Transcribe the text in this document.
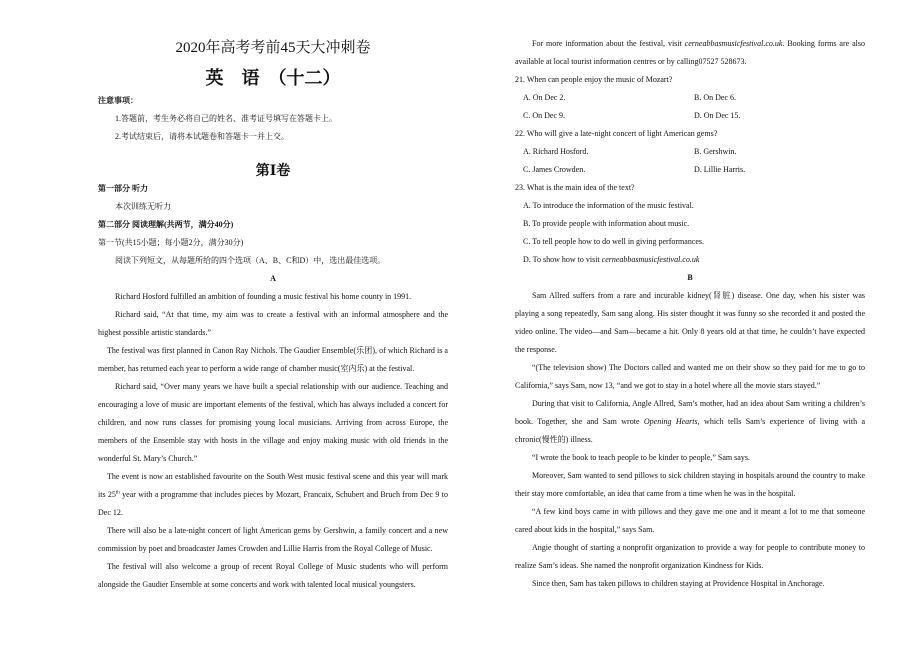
2020年高考考前45天大冲刺卷
英　语　（十二）

注意事项：

1.答题前，考生务必将自己的姓名、准考证号填写在答题卡上。

2.考试结束后，请将本试题卷和答题卡一并上交。

第Ⅰ卷

第一部分 听力

本次训练无听力

第二部分 阅读理解(共两节，满分40分)

第一节(共15小题；每小题2分，满分30分)

阅读下列短文，从每题所给的四个选项（A、B、C和D）中，选出最佳选项。

A

Richard Hosford fulfilled an ambition of founding a music festival his home county in 1991.

Richard said, “At that time, my aim was to create a festival with an informal atmosphere and the highest possible artistic standards.”

The festival was first planned in Canon Ray Nichols. The Gaudier Ensemble(乐团), of which Richard is a member, has returned each year to perform a wide range of chamber music(室内乐) at the festival.

Richard said, “Over many years we have built a special relationship with our audience. Teaching and encouraging a love of music are important elements of the festival, which has always included a concert for children, and now runs classes for promising young local musicians. Arriving from across Europe, the members of the Ensemble stay with hosts in the village and enjoy making music with old friends in the wonderful St. Mary’s Church.”

The event is now an established favourite on the South West music festival scene and this year will mark its 25th year with a programme that includes pieces by Mozart, Francaix, Schubert and Bruch from Dec 9 to Dec 12.

There will also be a late-night concert of light American gems by Gershwin, a family concert and a new commission by poet and broadcaster James Crowden and Lillie Harris from the Royal College of Music.

The festival will also welcome a group of recent Royal College of Music students who will perform alongside the Gaudier Ensemble at some concerts and work with talented local musical youngsters.

For more information about the festival, visit cerneabbasmusicfestival.co.uk. Booking forms are also available at local tourist information centres or by calling07527 528673.

21. When can people enjoy the music of Mozart?

A. On Dec 2.	B. On Dec 6.
C. On Dec 9.	D. On Dec 15.

22. Who will give a late-night concert of light American gems?

A. Richard Hosford.	B. Gershwin.
C. James Crowden.	D. Lillie Harris.

23. What is the main idea of the text?

A. To introduce the information of the music festival.

B. To provide people with information about music.

C. To tell people how to do well in giving performances.

D. To show how to visit cerneabbasmusicfestival.co.uk

B

Sam Allred suffers from a rare and incurable kidney(肾脏) disease. One day, when his sister was playing a song repeatedly, Sam sang along. His sister thought it was funny so she recorded it and posted the video online. The video—and Sam—became a hit. Only 8 years old at that time, he couldn’t have expected the response.

“(The television show) The Doctors called and wanted me on their show so they paid for me to go to California,” says Sam, now 13, “and we got to stay in a hotel where all the movie stars stayed.”

During that visit to California, Angle Allred, Sam’s mother, had an idea about Sam writing a children’s book. Together, she and Sam wrote Opening Hearts, which tells Sam’s experience of living with a chronic(慢性的) illness.

“I wrote the book to teach people to be kinder to people,” Sam says.

Moreover, Sam wanted to send pillows to sick children staying in hospitals around the country to make their stay more comfortable, an idea that came from a time when he was in the hospital.

“A few kind boys came in with pillows and they gave me one and it meant a lot to me that someone cared about kids in the hospital,” says Sam.

Angie thought of starting a nonprofit organization to provide a way for people to contribute money to realize Sam’s ideas. She named the nonprofit organization Kindness for Kids.

Since then, Sam has taken pillows to children staying at Providence Hospital in Anchorage.
